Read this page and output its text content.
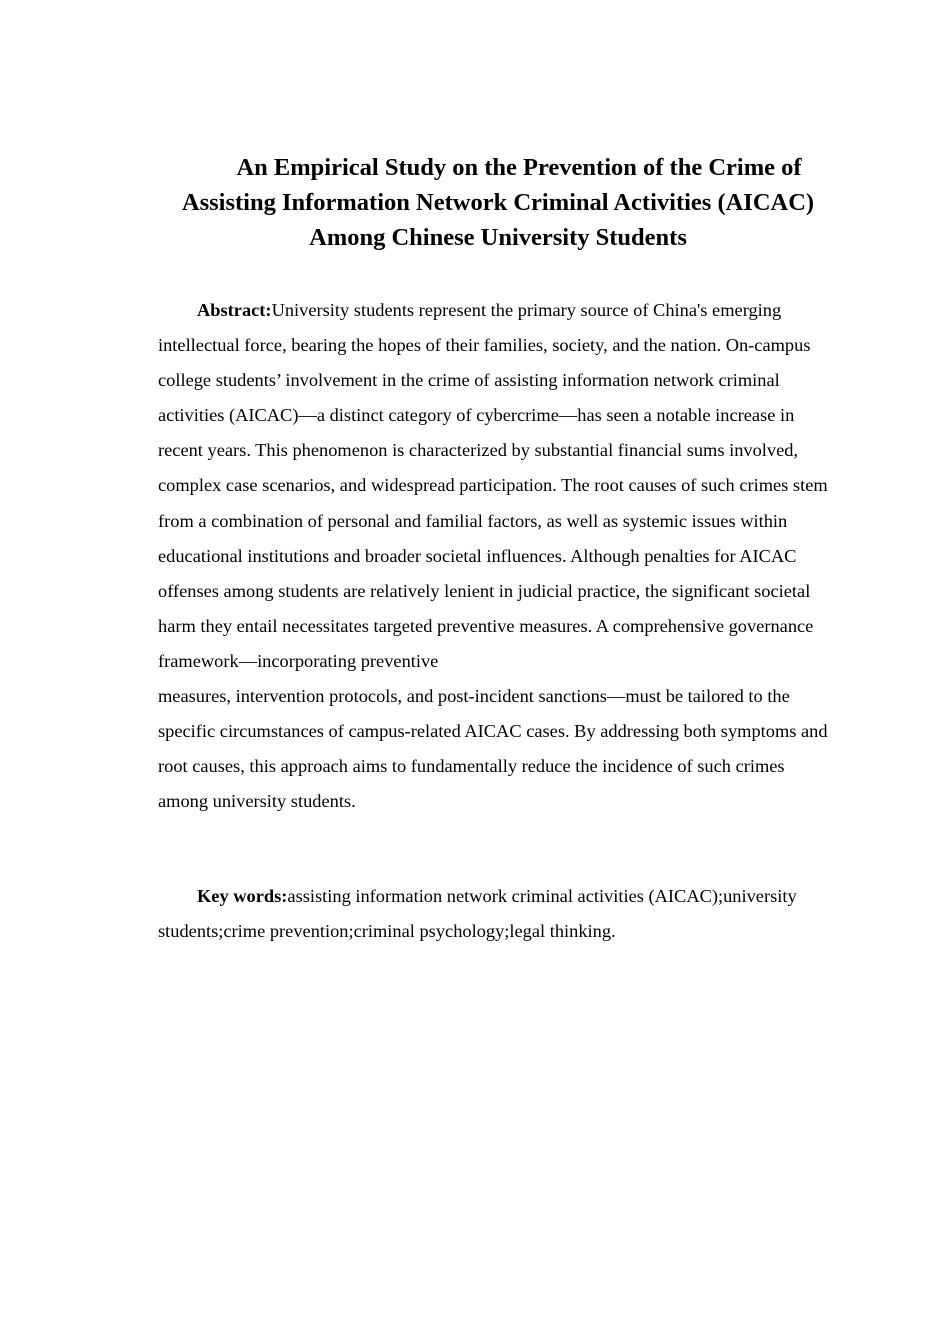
An Empirical Study on the Prevention of the Crime of
Assisting Information Network Criminal Activities (AICAC)
Among Chinese University Students

Abstract:University students represent the primary source of China's emerging intellectual force, bearing the hopes of their families, society, and the nation. On-campus college students’ involvement in the crime of assisting information network criminal activities (AICAC)—a distinct category of cybercrime—has seen a notable increase in recent years. This phenomenon is characterized by substantial financial sums involved, complex case scenarios, and widespread participation. The root causes of such crimes stem from a combination of personal and familial factors, as well as systemic issues within educational institutions and broader societal influences. Although penalties for AICAC offenses among students are relatively lenient in judicial practice, the significant societal harm they entail necessitates targeted preventive measures. A comprehensive governance framework—incorporating preventive
measures, intervention protocols, and post-incident sanctions—must be tailored to the specific circumstances of campus-related AICAC cases. By addressing both symptoms and root causes, this approach aims to fundamentally reduce the incidence of such crimes among university students.

Key words:assisting information network criminal activities (AICAC);university students;crime prevention;criminal psychology;legal thinking.
